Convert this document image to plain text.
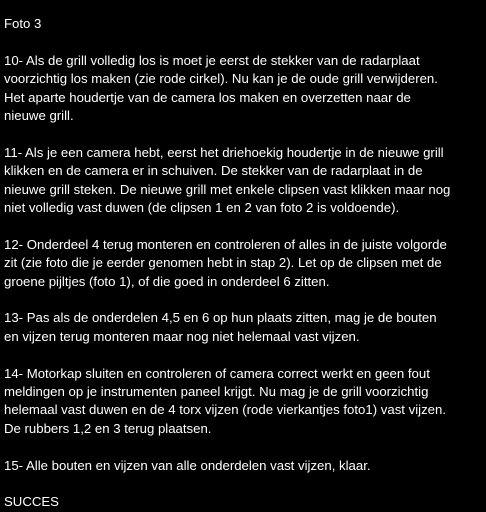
Foto 3
10- Als de grill volledig los is moet je eerst de stekker van de radarplaat
voorzichtig los maken (zie rode cirkel). Nu kan je de oude grill verwijderen.
Het aparte houdertje van de camera los maken en overzetten naar de
nieuwe grill.
11- Als je een camera hebt, eerst het driehoekig houdertje in de nieuwe grill
klikken en de camera er in schuiven. De stekker van de radarplaat in de
nieuwe grill steken. De nieuwe grill met enkele clipsen vast klikken maar nog
niet volledig vast duwen (de clipsen 1 en 2 van foto 2 is voldoende).
12- Onderdeel 4 terug monteren en controleren of alles in de juiste volgorde
zit (zie foto die je eerder genomen hebt in stap 2). Let op de clipsen met de
groene pijltjes (foto 1), of die goed in onderdeel 6 zitten.
13- Pas als de onderdelen 4,5 en 6 op hun plaats zitten, mag je de bouten
en vijzen terug monteren maar nog niet helemaal vast vijzen.
14- Motorkap sluiten en controleren of camera correct werkt en geen fout
meldingen op je instrumenten paneel krijgt. Nu mag je de grill voorzichtig
helemaal vast duwen en de 4 torx vijzen (rode vierkantjes foto1) vast vijzen.
De rubbers 1,2 en 3 terug plaatsen.
15- Alle bouten en vijzen van alle onderdelen vast vijzen, klaar.
SUCCES
